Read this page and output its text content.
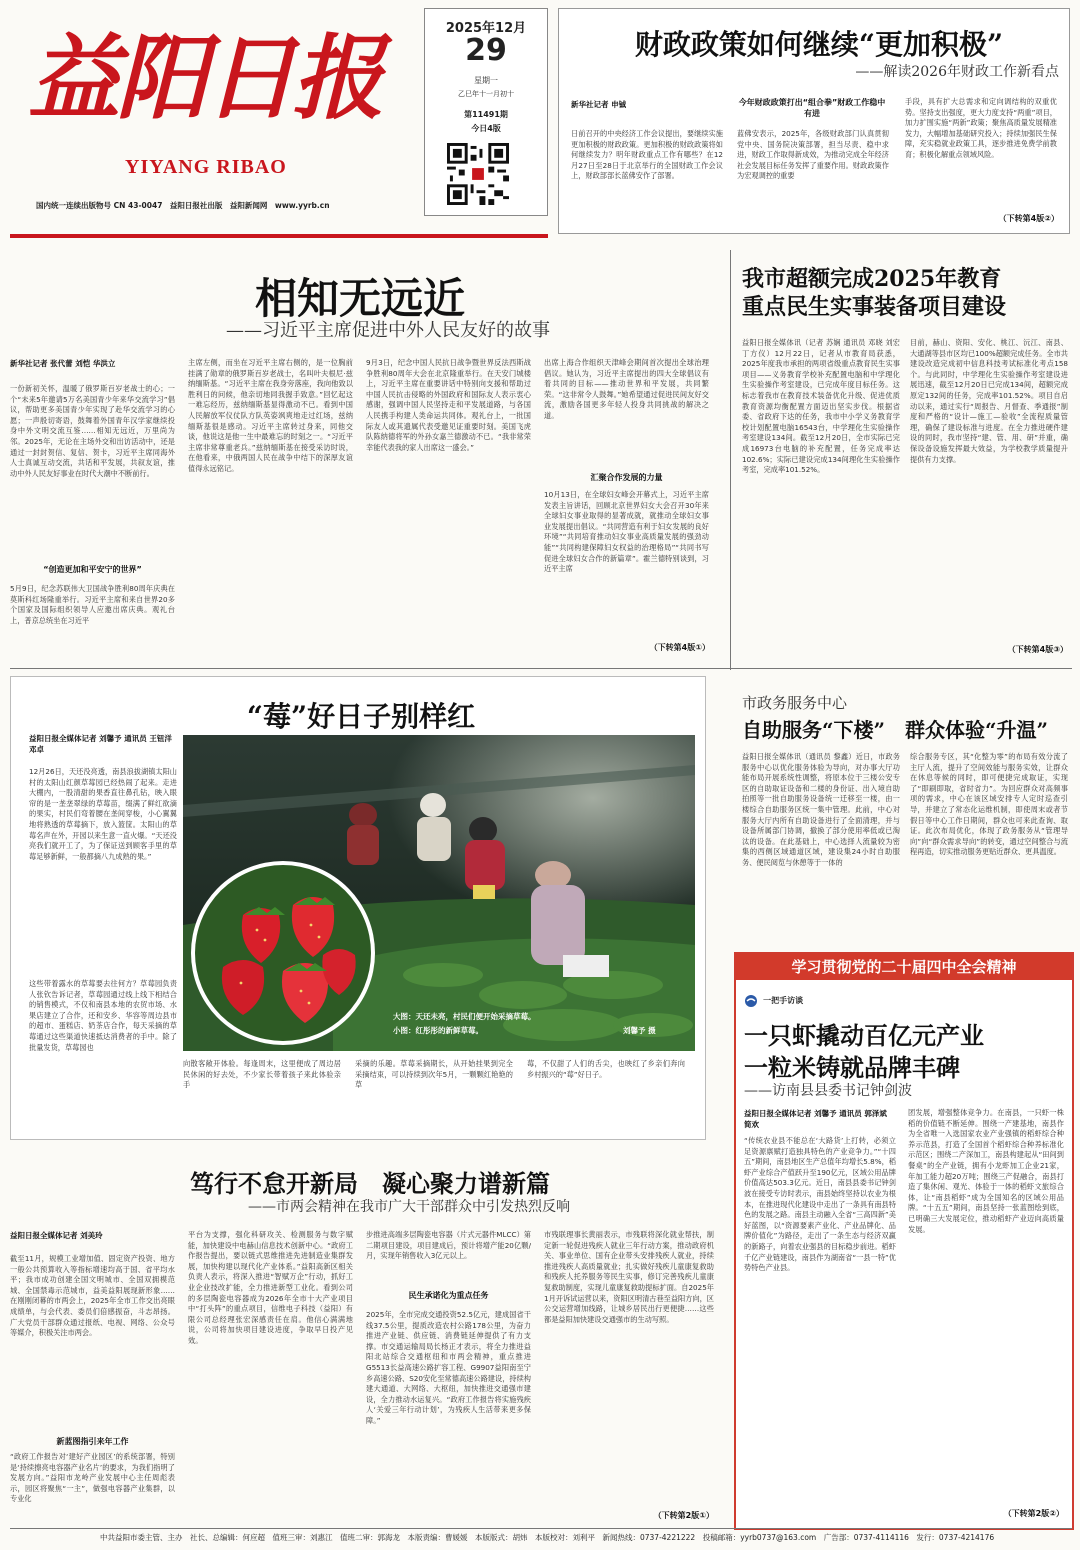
益阳日报
YIYANG RIBAO
国内统一连续出版物号 CN 43-0047　益阳日报社出版　益阳新闻网　www.yyrb.cn
2025年12月
29
星期一
乙巳年十一月初十
第11491期
今日4版
财政政策如何继续“更加积极”
——解读2026年财政工作新看点
新华社记者 申铖
日前召开的中央经济工作会议提出，要继续实施更加积极的财政政策。更加积极的财政政策将如何继续发力？明年财政重点工作有哪些？在12月27日至28日于北京举行的全国财政工作会议上，财政部部长蓝佛安作了部署。
今年财政政策打出“组合拳”财政工作稳中有进
蓝佛安表示，2025年，各级财政部门认真贯彻党中央、国务院决策部署，担当尽责、稳中求进，财政工作取得新成效，为推动完成全年经济社会发展目标任务发挥了重要作用。财政政策作为宏观调控的重要
手段，具有扩大总需求和定向调结构的双重优势。坚持支出强度，更大力度支持“两重”项目，加力扩围实施“两新”政策；聚焦高质量发展精准发力，大幅增加基础研究投入；持续加强民生保障，充实稳就业政策工具，逐步推进免费学前教育；积极化解重点领域风险。
（下转第4版②）
相知无远近
——习近平主席促进中外人民友好的故事
新华社记者 张代蕾 刘恺 华洪立
一份新初关怀，温暖了俄罗斯百岁老战士的心；一个“未来5年邀请5万名美国青少年来华交流学习”倡议，帮助更多美国青少年实现了赴华交流学习的心愿；一声殷切寄语，鼓舞着外国青年汉学家继续投身中外文明交流互鉴……相知无远近，万里尚为邻。2025年，无论在主场外交和出访活动中，还是通过一封封贺信、复信、贺卡，习近平主席同海外人士真诚互动交流，共话和平发展，共叙友谊，推动中外人民友好事业在时代大潮中不断前行。
“创造更加和平安宁的世界”
5月9日，纪念苏联伟大卫国战争胜利80周年庆典在莫斯科红场隆重举行。习近平主席和来自世界20多个国家及国际组织领导人应邀出席庆典。观礼台上，普京总统坐在习近平
主席左侧，而坐在习近平主席右侧的，是一位胸前挂满了勋章的俄罗斯百岁老战士，名叫叶夫根尼·兹纳缅斯基。“习近平主席在我身旁落座，我向他致以胜利日的问候，他亲切地同我握手致意。”回忆起这一难忘经历，兹纳缅斯基显得激动不已。看到中国人民解放军仪仗队方队英姿飒爽地走过红场，兹纳缅斯基很是感动。习近平主席转过身来，同他交谈，他说这是他一生中最难忘的时刻之一。“习近平主席非常尊重老兵。”兹纳缅斯基在接受采访时说，在他看来，中俄两国人民在战争中结下的深厚友谊值得永远铭记。
9月3日，纪念中国人民抗日战争暨世界反法西斯战争胜利80周年大会在北京隆重举行。在天安门城楼上，习近平主席在重要讲话中特别向支援和帮助过中国人民抗击侵略的外国政府和国际友人表示衷心感谢，强调中国人民坚持走和平发展道路，与各国人民携手构建人类命运共同体。观礼台上，一批国际友人或其遗属代表受邀见证重要时刻。美国飞虎队陈纳德将军的外孙女嘉兰德激动不已。“我非常荣幸能代表我的家人出席这一盛会。”
出席上海合作组织天津峰会期间首次提出全球治理倡议。她认为，习近平主席提出的四大全球倡议有着共同的目标——推动世界和平发展，共同繁荣。“这非常令人鼓舞。”她希望通过促进民间友好交流，激励各国更多年轻人投身共同挑战的解决之道。
汇聚合作发展的力量
10月13日，在全球妇女峰会开幕式上，习近平主席发表主旨讲话，回顾北京世界妇女大会召开30年来全球妇女事业取得的显著成就，就推动全球妇女事业发展提出倡议。“共同营造有利于妇女发展的良好环境”“共同培育推动妇女事业高质量发展的强劲动能”“共同构建保障妇女权益的治理格局”“共同书写促进全球妇女合作的新篇章”。霍兰德特别谈到，习近平主席
（下转第4版①）
我市超额完成2025年教育
重点民生实事装备项目建设
益阳日报全媒体讯（记者 苏娴 通讯员 邓晓 刘宏 丁方仪）12月22日，记者从市教育局获悉，2025年度我市承担的两项省级重点教育民生实事项目——义务教育学校补充配置电脑和中学理化生实验操作考室建设，已完成年度目标任务。这标志着我市在教育技术装备优化升级、促进优质教育资源均衡配置方面迈出坚实步伐。根据省委、省政府下达的任务，我市中小学义务教育学校计划配置电脑16543台，中学理化生实验操作考室建设134间。截至12月20日，全市实际已完成16973台电脑的补充配置，任务完成率达102.6%；实际已建设完成134间理化生实验操作考室，完成率101.52%。
目前，赫山、资阳、安化、桃江、沅江、南县、大通湖等县市区均已100%超额完成任务。全市共建设改造完成初中信息科技考试标准化考点158个。与此同时，中学理化生实验操作考室建设进展迅速，截至12月20日已完成134间，超额完成原定132间的任务，完成率101.52%。项目自启动以来，通过实行“周报告、月督查、季通报”制度和严格的“设计—施工—验收”全流程质量管理，确保了建设标准与进度。在全力推进硬件建设的同时，我市坚持“建、管、用、研”并重，确保设备设施发挥最大效益，为学校教学质量提升提供有力支撑。
（下转第4版③）
“莓”好日子别样红
益阳日报全媒体记者 刘馨予 通讯员 王钮洋 邓卓
12月26日，天还没亮透，南县浪拔湖镇太阳山村的太阳山红颜草莓园已经热闹了起来。走进大棚内，一股清甜的果香直往鼻孔钻，映入眼帘的是一垄垄翠绿的草莓苗，缀满了鲜红欲滴的果实，村民们弯着腰在垄间穿梭，小心翼翼地将熟透的草莓摘下，放入篮筐。太阳山的草莓名声在外，开园以来生意一直火爆。“天还没亮我们就开工了，为了保证送到顾客手里的草莓足够新鲜，一般都摘八九成熟的果。”
这些带着露水的草莓要去往何方？草莓园负责人张钦告诉记者，草莓园通过线上线下相结合的销售模式，不仅和南县本地的农贸市场、水果店建立了合作，还和安乡、华容等周边县市的超市、蛋糕店、奶茶店合作，每天采摘的草莓通过这些渠道快速抵达消费者的手中。除了批量发货，草莓园也
大图：天还未亮，村民们便开始采摘草莓。
小图：红彤彤的新鲜草莓。	刘馨予 摄
向散客敞开体验。每逢周末，这里便成了周边居民休闲的好去处，不少家长带着孩子来此体验亲手
采摘的乐趣。草莓采摘期长，从开始挂果到完全采摘结束，可以持续到次年5月，一颗颗红艳艳的草
莓，不仅甜了人们的舌尖，也映红了乡亲们奔向乡村振兴的“莓”好日子。
市政务服务中心
自助服务“下楼”　群众体验“升温”
益阳日报全媒体讯（通讯员 黎鑫）近日，市政务服务中心以优化服务体验为导向，对办事大厅功能布局开展系统性调整，将原本位于三楼公安专区的自助取证设备和二楼的身份证、出入境自助拍照等一批自助服务设备统一迁移至一楼，由一楼综合自助服务区统一集中管理。此前，中心对服务大厅内所有自助设备进行了全面清理，并与设备所属部门协调，撤换了部分使用率低或已淘汰的设备。在此基础上，中心选择人流量较为密集的西侧区域通道区域，建设集24小时自助服务、便民阅览与休憩等于一体的
综合服务专区，其“化整为零”的布局有效分流了主厅人流，提升了空间效能与服务实效，让群众在休息等候的同时，即可便捷完成取证，实现了“即刷即取，省时省力”。为回应群众对高频事项的需求，中心在该区域安排专人定时巡查引导，并建立了常态化运维机制，即使周末或者节假日等中心工作日期间，群众也可来此查询、取证。此次布局优化，体现了政务服务从“管理导向”向“群众需求导向”的转变，通过空间整合与流程再造，切实推动服务更贴近群众、更具温度。
学习贯彻党的二十届四中全会精神
一把手访谈
一只虾撬动百亿元产业
一粒米铸就品牌丰碑
——访南县县委书记钟剑波
益阳日报全媒体记者 刘馨予 通讯员 郭泽斌 简欢
“传统农业县不能总在‘大路货’上打转，必须立足资源禀赋打造独具特色的产业竞争力。”“十四五”期间，南县地区生产总值年均增长5.8%，稻虾产业综合产值跃升至190亿元，区域公用品牌价值高达503.3亿元。近日，南县县委书记钟剑波在接受专访时表示，南县始终坚持以农业为根本，在推进现代化建设中走出了一条具有南县特色的发展之路。南县主动融入全省“三高四新”美好蓝图，以“资源要素产业化、产业品牌化、品牌价值化”为路径，走出了一条生态与经济双赢的新路子，向着农业强县的目标稳步前进。稻虾千亿产业链建设，南县作为湖南省“一县一特”优势特色产业县。
团发展，增强整体竞争力。在南县，一只虾一株稻的价值链不断延伸。围绕一产建基地，南县作为全省唯一入选国家农业产业强镇的稻虾综合种养示范县，打造了全国首个稻虾综合种养标准化示范区；围绕二产深加工，南县构建起从“田间到餐桌”的全产业链，拥有小龙虾加工企业21家，年加工能力超20万吨；围绕三产促融合，南县打造了集休闲、观光、体验于一体的稻虾文旅综合体，让“南县稻虾”成为全国知名的区域公用品牌。“十五五”期间，南县坚持一张蓝图绘到底，已明确三大发展定位，推动稻虾产业迈向高质量发展。
（下转第2版②）
笃行不怠开新局　凝心聚力谱新篇
——市两会精神在我市广大干部群众中引发热烈反响
益阳日报全媒体记者 刘美玲
截至11月，规模工业增加值、固定资产投资、地方一般公共预算收入等指标增速均高于国、省平均水平；我市成功创建全国文明城市、全国双拥模范城、全国禁毒示范城市，益美益阳展现新形象……在刚刚闭幕的市两会上，2025年全市工作交出亮眼成绩单，与会代表、委员们倍感振奋，斗志昂扬。广大党员干部群众通过报纸、电视、网络、公众号等媒介，积极关注市两会。
新蓝图指引来年工作
“政府工作报告对‘建好产业园区’的系统部署，特别是‘持续擦亮电容器产业名片’的要求，为我们指明了发展方向。”益阳市龙岭产业发展中心主任周彪表示，园区将聚焦“一主”，做强电容器产业集群，以专业化
平台为支撑，强化科研攻关、检测服务与数字赋能，加快建设中电赫山信息技术创新中心。“政府工作报告提出，要以链式思维推进先进制造业集群发展，加快构建以现代化产业体系。”益阳高新区相关负责人表示，将深入推进“智赋万企”行动，抓好工业企业技改扩能，全力推进新型工业化。看到公司的多层陶瓷电容器成为2026年全市十大产业项目中“打头阵”的重点项目，信维电子科技（益阳）有限公司总经理张宏深感责任在肩。他信心满满地说，公司将加快项目建设进度，争取早日投产见效。
步推进高端多层陶瓷电容器（片式元器件MLCC）第二期项目建设，项目建成后，预计将增产能20亿颗/月，实现年销售收入3亿元以上。
民生承诺化为重点任务
2025年，全市完成交通投资52.5亿元，建成国省干线37.5公里，提质改造农村公路178公里，为奋力推进产业链、供应链、消费链延伸提供了有力支撑。市交通运输局局长杨正才表示，将全力推进益阳北站综合交通枢纽和市两会精神，重点推进G5513长益高速公路扩容工程、G9907益阳南至宁乡高速公路、S20安化至常德高速公路建设，持续构建大通道、大网络、大枢纽，加快推进交通强市建设，全力推动水运复兴。“政府工作报告将实施残疾人‘关爱三年行动计划’，为残疾人生活带来更多保障。”
市残联理事长黄丽表示，市残联将深化就业帮扶，制定新一轮促进残疾人就业三年行动方案，推动政府机关、事业单位、国有企业带头安排残疾人就业，持续推进残疾人高质量就业；扎实做好残疾儿童康复救助和残疾人托养服务等民生实事，修订完善残疾儿童康复救助制度，实现儿童康复救助提标扩面。自2025年1月开诉试运营以来，资阳区明清古巷至益阳方向，区公交运营增加线路，让城乡居民出行更便捷……这些都是益阳加快建设交通强市的生动写照。
（下转第2版①）
中共益阳市委主管、主办　社长、总编辑：何应超　值班三审：刘惠江　值班二审：郭海龙　本版责编：曹媛媛　本版版式：胡炜　本版校对：刘利平　新闻热线：0737-4221222　投稿邮箱：yyrb0737@163.com　广告部：0737-4114116　发行：0737-4214176
